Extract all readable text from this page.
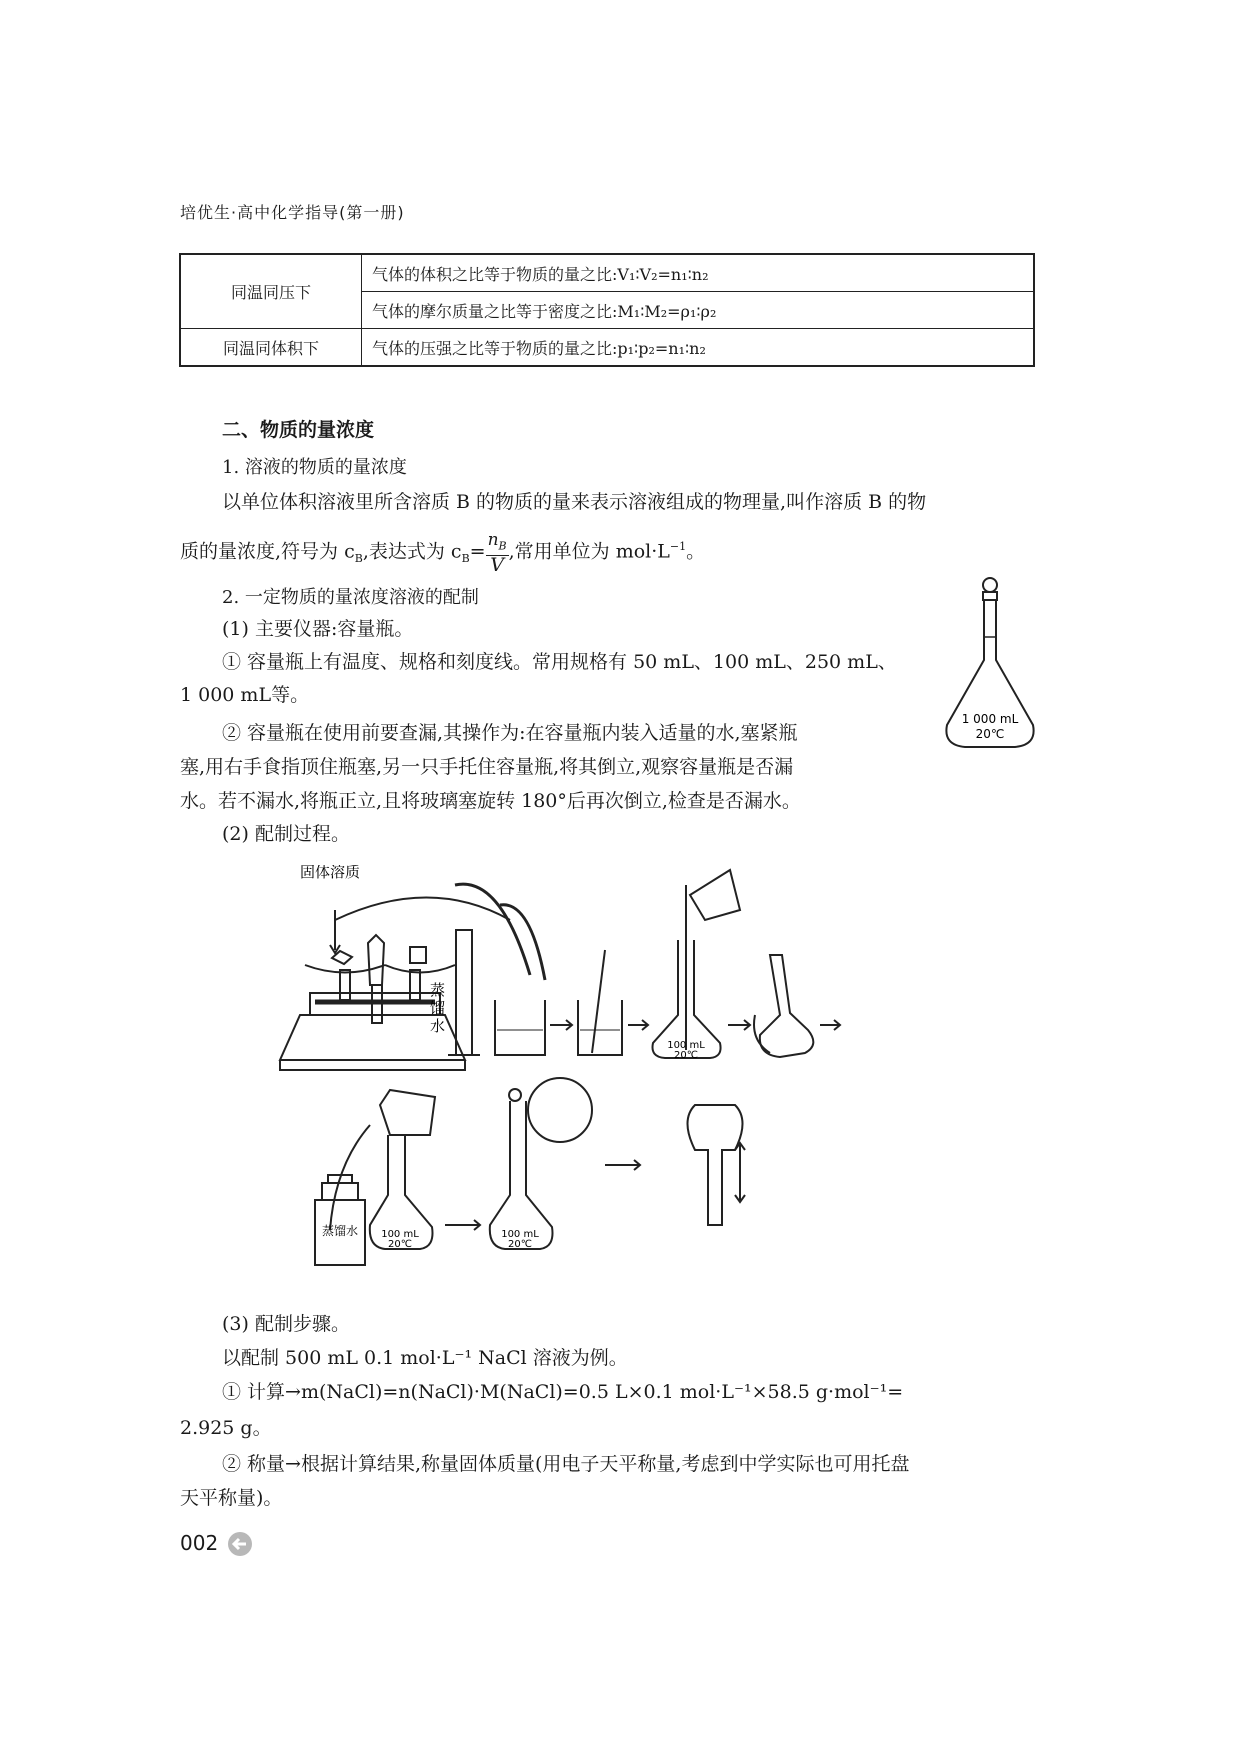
培优生·高中化学指导(第一册)
同温同压下	气体的体积之比等于物质的量之比:V₁∶V₂=n₁∶n₂
	气体的摩尔质量之比等于密度之比:M₁∶M₂=ρ₁∶ρ₂
同温同体积下	气体的压强之比等于物质的量之比:p₁∶p₂=n₁∶n₂
二、物质的量浓度
1. 溶液的物质的量浓度
以单位体积溶液里所含溶质 B 的物质的量来表示溶液组成的物理量,叫作溶质 B 的物
质的量浓度,符号为 $c_B$,表达式为 $c_B= \frac{n_B}{V}$ ,常用单位为 $mol\cdot L^{-1}$。
2. 一定物质的量浓度溶液的配制
(1) 主要仪器:容量瓶。
① 容量瓶上有温度、规格和刻度线。常用规格有 50 mL、100 mL、250 mL、
1 000 mL等。
② 容量瓶在使用前要查漏,其操作为:在容量瓶内装入适量的水,塞紧瓶
塞,用右手食指顶住瓶塞,另一只手托住容量瓶,将其倒立,观察容量瓶是否漏
水。若不漏水,将瓶正立,且将玻璃塞旋转 180°后再次倒立,检查是否漏水。
(2) 配制过程。
1 000 mL
20℃
固体溶质
蒸
馏
水
蒸馏水
100 mL
20℃
100 mL
20℃
100 mL
20℃
(3) 配制步骤。
以配制 500 mL 0.1 mol·L⁻¹ NaCl 溶液为例。
① 计算→m(NaCl)=n(NaCl)·M(NaCl)=0.5 L×0.1 mol·L⁻¹×58.5 g·mol⁻¹=
2.925 g。
② 称量→根据计算结果,称量固体质量(用电子天平称量,考虑到中学实际也可用托盘
天平称量)。
002
